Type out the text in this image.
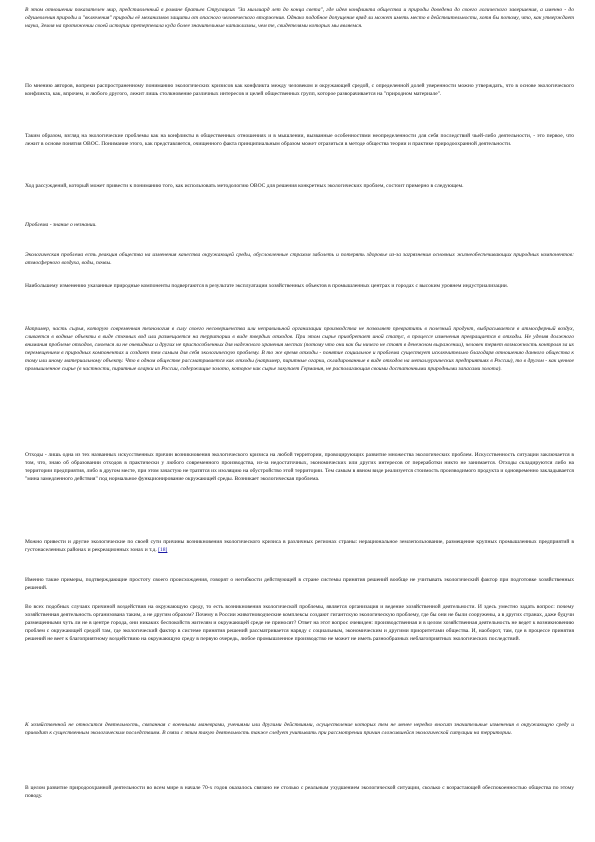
В этом отношении показателен мир, представленный в романе братьев Стругацких "За миллиард лет до конца света", где идея конфликта общества и природы доведена до своего логического завершения, а именно - до одушевления природы и "включения" природы её механизмов защиты от опасного человеческого вторжения. Однако подобное допущение вряд ли может иметь место в действительности, хотя бы потому, что, как утверждает наука, Земля на протяжении своей истории претерпевала куда более значительные катаклизмы, чем те, свидетелями которых мы являемся.

По мнению авторов, вопреки распространенному пониманию экологических кризисов как конфликта между человеком и окружающей средой, с определенной долей уверенности можно утверждать, что в основе экологического конфликта, как, впрочем, и любого другого, лежит лишь столкновение различных интересов и целей общественных групп, которое разворачивается на "природном материале".

Таким образом, взгляд на экологические проблемы как на конфликты в общественных отношениях и в мышлении, вызванные особенностями неопределенности для себя последствий чьей-либо деятельности, - это первое, что лежит в основе понятия ОВОС. Понимание этого, как представляется, очищенного факта принципиальным образом может отразиться в методе общества теории и практике природоохранной деятельности.

Ход рассуждений, который может привести к пониманию того, как использовать методологию ОВОС для решения конкретных экологических проблем, состоит примерно в следующем.

Проблема - знание о незнании.

Экологическая проблема есть реакция общества на изменения качества окружающей среды, обусловленные страхом заболеть и потерять здоровье из-за загрязнения основных жизнеобеспечивающих природных компонентов: атмосферного воздуха, воды, почвы.

Наибольшему изменению указанные природные компоненты подвергаются в результате эксплуатации хозяйственных объектов в промышленных центрах и городах с высоким уровнем индустриализации.

Например, часть сырья, которую современная технология в силу своего несовершенства или неправильной организации производства не позволяет превратить в полезный продукт, выбрасывается в атмосферный воздух, сливается в водные объекты в виде сточных вод или размещается на территории в виде твердых отходов. При этом сырье приобретает иной статус, в процессе изменения превращается в отходы. Не уделяя должного внимания проблеме отходов, смоемся ли не очевидных и других не приспособленных для надежного хранения местах (потому что они как бы ничего не стоят в денежном выражении), человек теряет возможность контроля за их перемещением в природных компонентах и создает тем самым для себя экологическую проблему. В то же время отходы - понятие социальное и проблема существует исключительно благодаря отношению данного общества к тому или иному материальному объекту. Что в одном обществе рассматривается как отходы (например, пиритные огарки, складированные в виде отходов на металлургических предприятиях в России), то в другом - как ценное промышленное сырье (в частности, пиритные огарки из России, содержащие золото, которое как сырье закупает Германия, не располагающая своими достаточными природными запасами золота).

Отходы - лишь одна из тех названных искусственных причин возникновения экологического кризиса на любой территории, провоцирующих развитие множества экологических проблем. Искусственность ситуации заключается в том, что, знаю об образовании отходов в практически у любого современного производства, из-за недостаточных, экономических или других интересов от переработки никто не занимается. Отходы складируются либо на территории предприятия, либо в другом месте, при этом зачастую не тратятся их изоляцию на обустройство этой территории. Тем самым в явном виде реализуется стоимость производимого продукта и одновременно закладывается "мина замедленного действия" под нормальное функционирование окружающей среды. Возникает экологическая проблема.

Можно привести и другие экологические по своей сути причины возникновения экологического кризиса в различных регионах страны: нерациональное землепользование, размещение крупных промышленных предприятий в густонаселенных районах и рекреационных зонах и т.д. [18]

Именно такие примеры, подтверждающие простоту своего происхождения, говорят о негибкости действующей в стране системы принятия решений вообще не учитывать экологический фактор при подготовке хозяйственных решений.

Во всех подобных случаях причиной воздействия на окружающую среду, то есть возникновения экологической проблемы, является организация и ведение хозяйственной деятельности. И здесь уместно задать вопрос: почему хозяйственная деятельность организована таким, а не другим образом? Почему в России животноводческие комплексы создают гигантскую экологическую проблему, где бы они не были сооружены, а в других странах, даже будучи размещенными чуть ли не в центре города, они никаких беспокойств жителям и окружающей среде не приносят? Ответ на этот вопрос очевиден: производственная и в целом хозяйственная деятельность не ведет к возникновению проблем с окружающей средой там, где экологический фактор в системе принятия решений рассматривается наряду с социальным, экономическим и другими приоритетами общества. И, наоборот, там, где в процессе принятия решений не веет к благоприятному воздействию на окружающую среду в первую очередь, любое промышленное производство не может не иметь разнообразных неблагоприятных экологических последствий.

К хозяйственной не относится деятельность, связанная с военными маневрами, учениями или другими действиями, осуществление которых тем не менее нередко вносит значительные изменения в окружающую среду и приводит к существенным экологическим последствиям. В связи с этим такую деятельность также следует учитывать при рассмотрении причин сложившейся экологической ситуации на территории.

В целом развитие природоохранной деятельности во всем мире в начале 70-х годов оказалось связано не столько с реальным ухудшением экологической ситуации, сколько с возрастающей обеспокоенностью общества по этому поводу.
